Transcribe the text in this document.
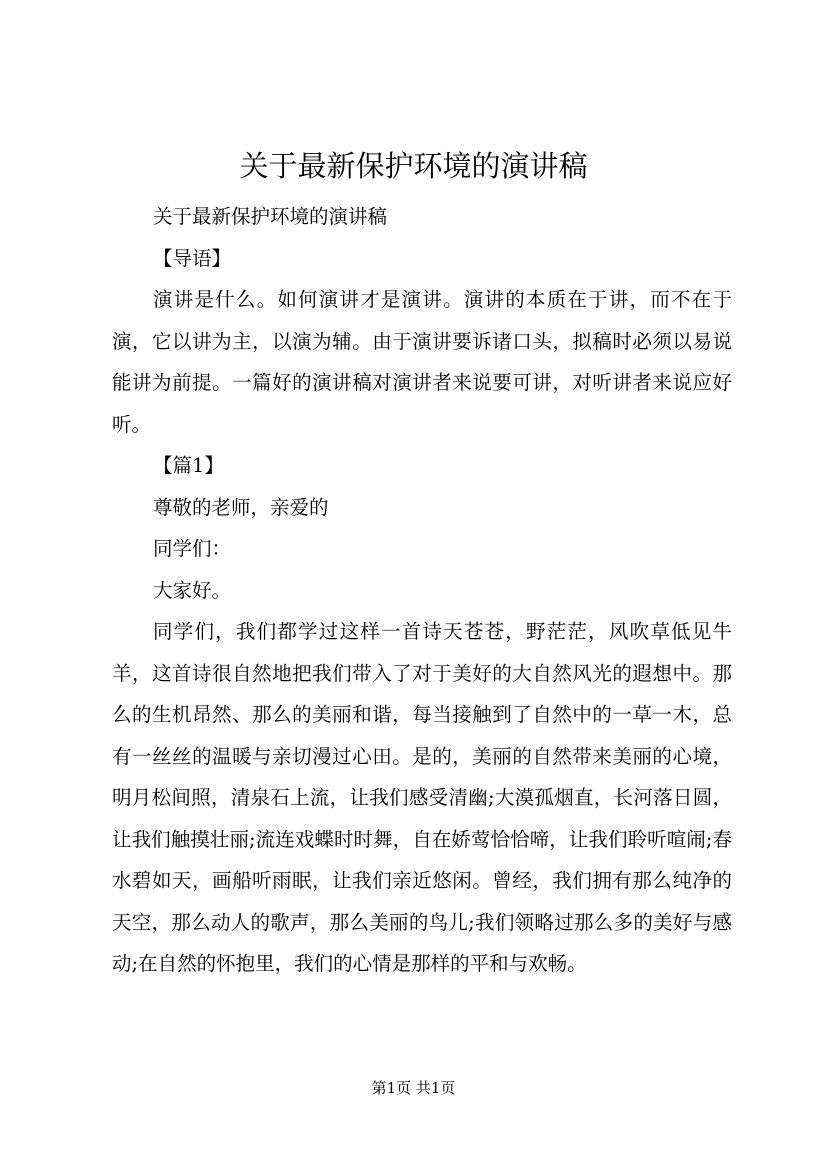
关于最新保护环境的演讲稿

关于最新保护环境的演讲稿

【导语】

演讲是什么。如何演讲才是演讲。演讲的本质在于讲，而不在于演，它以讲为主，以演为辅。由于演讲要诉诸口头，拟稿时必须以易说能讲为前提。一篇好的演讲稿对演讲者来说要可讲，对听讲者来说应好听。

【篇1】

尊敬的老师，亲爱的

同学们：

大家好。

同学们，我们都学过这样一首诗天苍苍，野茫茫，风吹草低见牛羊，这首诗很自然地把我们带入了对于美好的大自然风光的遐想中。那么的生机昂然、那么的美丽和谐，每当接触到了自然中的一草一木，总有一丝丝的温暖与亲切漫过心田。是的，美丽的自然带来美丽的心境，明月松间照，清泉石上流，让我们感受清幽;大漠孤烟直，长河落日圆，让我们触摸壮丽;流连戏蝶时时舞，自在娇莺恰恰啼，让我们聆听喧闹;春水碧如天，画船听雨眠，让我们亲近悠闲。曾经，我们拥有那么纯净的天空，那么动人的歌声，那么美丽的鸟儿;我们领略过那么多的美好与感动;在自然的怀抱里，我们的心情是那样的平和与欢畅。

第1页 共1页
